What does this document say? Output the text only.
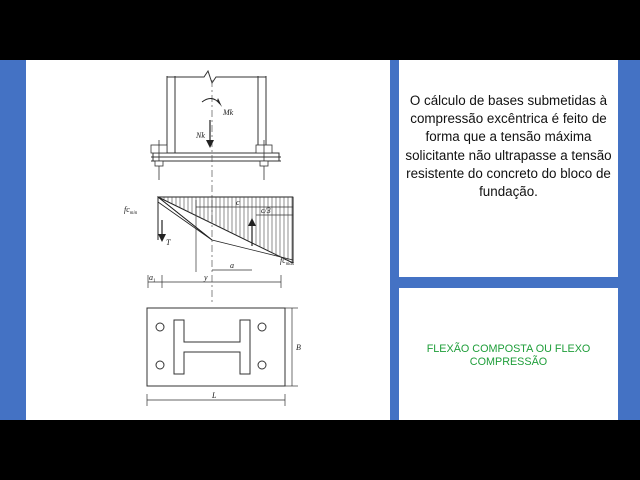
Mk
Nk
$fc_{min}$
T
$fc_{max}$
c
c/3
a
$a_1$	y
L
B
O cálculo de bases submetidas à compressão excêntrica é feito de forma que a tensão máxima solicitante não ultrapasse a tensão resistente do concreto do bloco de fundação.
FLEXÃO COMPOSTA OU FLEXO COMPRESSÃO
